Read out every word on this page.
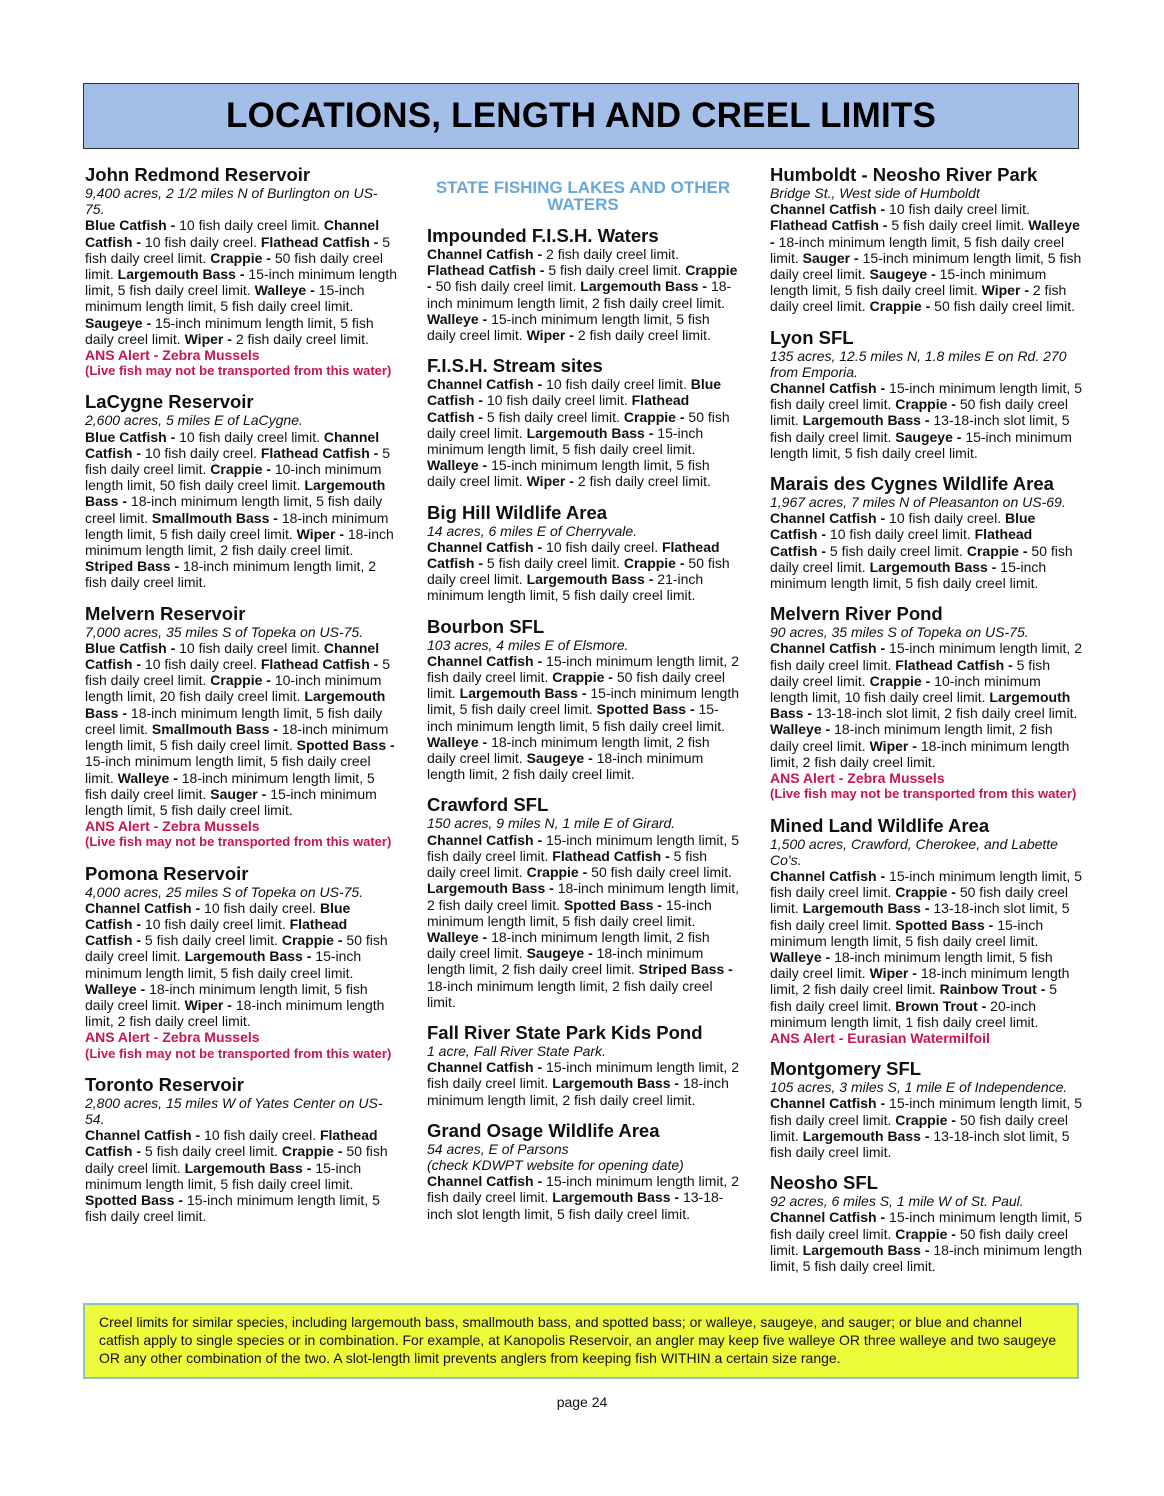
LOCATIONS, LENGTH AND CREEL LIMITS
John Redmond Reservoir
9,400 acres, 2 1/2 miles N of Burlington on US-75.
Blue Catfish - 10 fish daily creel limit. Channel Catfish - 10 fish daily creel. Flathead Catfish - 5 fish daily creel limit. Crappie - 50 fish daily creel limit. Largemouth Bass - 15-inch minimum length limit, 5 fish daily creel limit. Walleye - 15-inch minimum length limit, 5 fish daily creel limit. Saugeye - 15-inch minimum length limit, 5 fish daily creel limit. Wiper - 2 fish daily creel limit.
ANS Alert - Zebra Mussels
(Live fish may not be transported from this water)
LaCygne Reservoir
2,600 acres, 5 miles E of LaCygne.
Blue Catfish - 10 fish daily creel limit. Channel Catfish - 10 fish daily creel. Flathead Catfish - 5 fish daily creel limit. Crappie - 10-inch minimum length limit, 50 fish daily creel limit. Largemouth Bass - 18-inch minimum length limit, 5 fish daily creel limit. Smallmouth Bass - 18-inch minimum length limit, 5 fish daily creel limit. Wiper - 18-inch minimum length limit, 2 fish daily creel limit. Striped Bass - 18-inch minimum length limit, 2 fish daily creel limit.
Melvern Reservoir
7,000 acres, 35 miles S of Topeka on US-75.
Blue Catfish - 10 fish daily creel limit. Channel Catfish - 10 fish daily creel. Flathead Catfish - 5 fish daily creel limit. Crappie - 10-inch minimum length limit, 20 fish daily creel limit. Largemouth Bass - 18-inch minimum length limit, 5 fish daily creel limit. Smallmouth Bass - 18-inch minimum length limit, 5 fish daily creel limit. Spotted Bass - 15-inch minimum length limit, 5 fish daily creel limit. Walleye - 18-inch minimum length limit, 5 fish daily creel limit. Sauger - 15-inch minimum length limit, 5 fish daily creel limit.
ANS Alert - Zebra Mussels
(Live fish may not be transported from this water)
Pomona Reservoir
4,000 acres, 25 miles S of Topeka on US-75.
Channel Catfish - 10 fish daily creel. Blue Catfish - 10 fish daily creel limit. Flathead Catfish - 5 fish daily creel limit. Crappie - 50 fish daily creel limit. Largemouth Bass - 15-inch minimum length limit, 5 fish daily creel limit. Walleye - 18-inch minimum length limit, 5 fish daily creel limit. Wiper - 18-inch minimum length limit, 2 fish daily creel limit.
ANS Alert - Zebra Mussels
(Live fish may not be transported from this water)
Toronto Reservoir
2,800 acres, 15 miles W of Yates Center on US-54.
Channel Catfish - 10 fish daily creel. Flathead Catfish - 5 fish daily creel limit. Crappie - 50 fish daily creel limit. Largemouth Bass - 15-inch minimum length limit, 5 fish daily creel limit. Spotted Bass - 15-inch minimum length limit, 5 fish daily creel limit.
STATE FISHING LAKES AND OTHER WATERS
Impounded F.I.S.H. Waters
Channel Catfish - 2 fish daily creel limit. Flathead Catfish - 5 fish daily creel limit. Crappie - 50 fish daily creel limit. Largemouth Bass - 18-inch minimum length limit, 2 fish daily creel limit. Walleye - 15-inch minimum length limit, 5 fish daily creel limit. Wiper - 2 fish daily creel limit.
F.I.S.H. Stream sites
Channel Catfish - 10 fish daily creel limit. Blue Catfish - 10 fish daily creel limit. Flathead Catfish - 5 fish daily creel limit. Crappie - 50 fish daily creel limit. Largemouth Bass - 15-inch minimum length limit, 5 fish daily creel limit. Walleye - 15-inch minimum length limit, 5 fish daily creel limit. Wiper - 2 fish daily creel limit.
Big Hill Wildlife Area
14 acres, 6 miles E of Cherryvale.
Channel Catfish - 10 fish daily creel. Flathead Catfish - 5 fish daily creel limit. Crappie - 50 fish daily creel limit. Largemouth Bass - 21-inch minimum length limit, 5 fish daily creel limit.
Bourbon SFL
103 acres, 4 miles E of Elsmore.
Channel Catfish - 15-inch minimum length limit, 2 fish daily creel limit. Crappie - 50 fish daily creel limit. Largemouth Bass - 15-inch minimum length limit, 5 fish daily creel limit. Spotted Bass - 15-inch minimum length limit, 5 fish daily creel limit. Walleye - 18-inch minimum length limit, 2 fish daily creel limit. Saugeye - 18-inch minimum length limit, 2 fish daily creel limit.
Crawford SFL
150 acres, 9 miles N, 1 mile E of Girard.
Channel Catfish - 15-inch minimum length limit, 5 fish daily creel limit. Flathead Catfish - 5 fish daily creel limit. Crappie - 50 fish daily creel limit. Largemouth Bass - 18-inch minimum length limit, 2 fish daily creel limit. Spotted Bass - 15-inch minimum length limit, 5 fish daily creel limit. Walleye - 18-inch minimum length limit, 2 fish daily creel limit. Saugeye - 18-inch minimum length limit, 2 fish daily creel limit. Striped Bass - 18-inch minimum length limit, 2 fish daily creel limit.
Fall River State Park Kids Pond
1 acre, Fall River State Park.
Channel Catfish - 15-inch minimum length limit, 2 fish daily creel limit. Largemouth Bass - 18-inch minimum length limit, 2 fish daily creel limit.
Grand Osage Wildlife Area
54 acres, E of Parsons
(check KDWPT website for opening date)
Channel Catfish - 15-inch minimum length limit, 2 fish daily creel limit. Largemouth Bass - 13-18-inch slot length limit, 5 fish daily creel limit.
Humboldt - Neosho River Park
Bridge St., West side of Humboldt
Channel Catfish - 10 fish daily creel limit. Flathead Catfish - 5 fish daily creel limit. Walleye - 18-inch minimum length limit, 5 fish daily creel limit. Sauger - 15-inch minimum length limit, 5 fish daily creel limit. Saugeye - 15-inch minimum length limit, 5 fish daily creel limit. Wiper - 2 fish daily creel limit. Crappie - 50 fish daily creel limit.
Lyon SFL
135 acres, 12.5 miles N, 1.8 miles E on Rd. 270 from Emporia.
Channel Catfish - 15-inch minimum length limit, 5 fish daily creel limit. Crappie - 50 fish daily creel limit. Largemouth Bass - 13-18-inch slot limit, 5 fish daily creel limit. Saugeye - 15-inch minimum length limit, 5 fish daily creel limit.
Marais des Cygnes Wildlife Area
1,967 acres, 7 miles N of Pleasanton on US-69.
Channel Catfish - 10 fish daily creel. Blue Catfish - 10 fish daily creel limit. Flathead Catfish - 5 fish daily creel limit. Crappie - 50 fish daily creel limit. Largemouth Bass - 15-inch minimum length limit, 5 fish daily creel limit.
Melvern River Pond
90 acres, 35 miles S of Topeka on US-75.
Channel Catfish - 15-inch minimum length limit, 2 fish daily creel limit. Flathead Catfish - 5 fish daily creel limit. Crappie - 10-inch minimum length limit, 10 fish daily creel limit. Largemouth Bass - 13-18-inch slot limit, 2 fish daily creel limit. Walleye - 18-inch minimum length limit, 2 fish daily creel limit. Wiper - 18-inch minimum length limit, 2 fish daily creel limit.
ANS Alert - Zebra Mussels
(Live fish may not be transported from this water)
Mined Land Wildlife Area
1,500 acres, Crawford, Cherokee, and Labette Co's.
Channel Catfish - 15-inch minimum length limit, 5 fish daily creel limit. Crappie - 50 fish daily creel limit. Largemouth Bass - 13-18-inch slot limit, 5 fish daily creel limit. Spotted Bass - 15-inch minimum length limit, 5 fish daily creel limit. Walleye - 18-inch minimum length limit, 5 fish daily creel limit. Wiper - 18-inch minimum length limit, 2 fish daily creel limit. Rainbow Trout - 5 fish daily creel limit. Brown Trout - 20-inch minimum length limit, 1 fish daily creel limit.
ANS Alert - Eurasian Watermilfoil
Montgomery SFL
105 acres, 3 miles S, 1 mile E of Independence.
Channel Catfish - 15-inch minimum length limit, 5 fish daily creel limit. Crappie - 50 fish daily creel limit. Largemouth Bass - 13-18-inch slot limit, 5 fish daily creel limit.
Neosho SFL
92 acres, 6 miles S, 1 mile W of St. Paul.
Channel Catfish - 15-inch minimum length limit, 5 fish daily creel limit. Crappie - 50 fish daily creel limit. Largemouth Bass - 18-inch minimum length limit, 5 fish daily creel limit.
Creel limits for similar species, including largemouth bass, smallmouth bass, and spotted bass; or walleye, saugeye, and sauger; or blue and channel catfish apply to single species or in combination. For example, at Kanopolis Reservoir, an angler may keep five walleye OR three walleye and two saugeye OR any other combination of the two. A slot-length limit prevents anglers from keeping fish WITHIN a certain size range.
page 24
